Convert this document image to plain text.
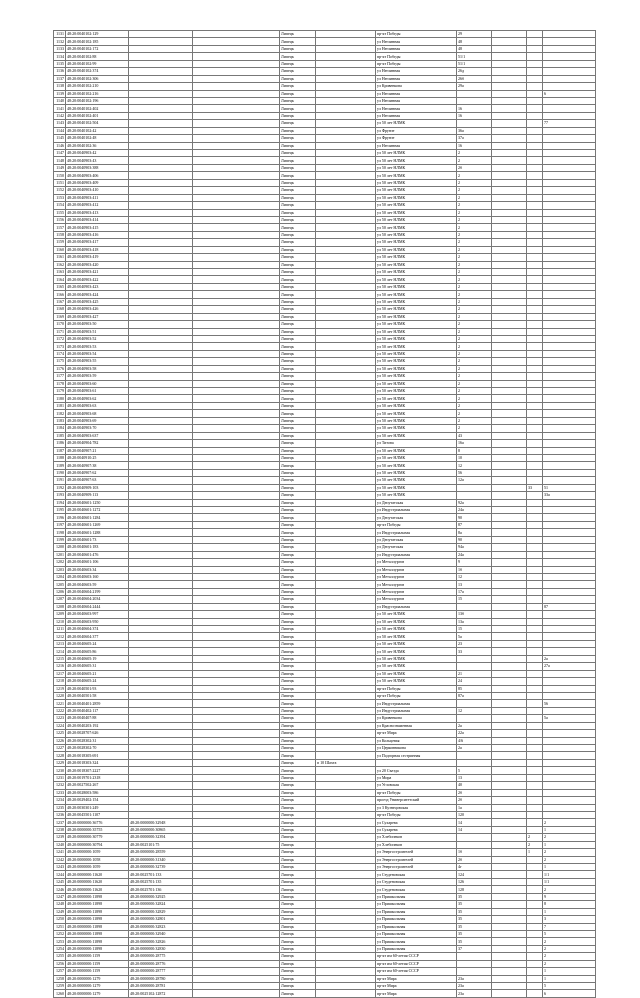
1131	48:20:0040102:129			Липецк		пр-кт Победы	29			
1132	48:20:0040102:185			Липецк		ул Неглинная	48			
1133	48:20:0040102:172			Липецк		ул Неглинная	48			
1134	48:20:0040102:88			Липецк		пр-кт Победы	51/1			
1135	48:20:0040102:99			Липецк		пр-кт Победы	51/1			
1136	48:20:0040102:374			Липецк		ул Неглинная	26д			
1137	48:20:0040102:306			Липецк		ул Неглинная	26б			
1138	48:20:0040102:210			Липецк		ул Кривенкова	29а			
1139	48:20:0040102:216			Липецк		ул Неглинная				6
1140	48:20:0040102:196			Липецк		ул Неглинная				
1141	48:20:0040102:402			Липецк		ул Неглинная	16			
1142	48:20:0040102:401			Липецк		ул Неглинная	16			
1143	48:20:0040102:504			Липецк		ул 50 лет НЛМК				77
1144	48:20:0040102:42			Липецк		ул Фрунзе	36а			
1145	48:20:0040102:48			Липецк		ул Фрунзе	37а			
1146	48:20:0040102:36			Липецк		ул Неглинная	16			
1147	48:20:0040903:42			Липецк		ул 50 лет НЛМК	2			
1148	48:20:0040903:43			Липецк		ул 50 лет НЛМК	2			
1149	48:20:0040903:388			Липецк		ул 50 лет НЛМК	2б			
1150	48:20:0040903:406			Липецк		ул 50 лет НЛМК	2			
1151	48:20:0040903:409			Липецк		ул 50 лет НЛМК	2			
1152	48:20:0040903:410			Липецк		ул 50 лет НЛМК	2			
1153	48:20:0040903:411			Липецк		ул 50 лет НЛМК	2			
1154	48:20:0040903:412			Липецк		ул 50 лет НЛМК	2			
1155	48:20:0040903:413			Липецк		ул 50 лет НЛМК	2			
1156	48:20:0040903:414			Липецк		ул 50 лет НЛМК	2			
1157	48:20:0040903:415			Липецк		ул 50 лет НЛМК	2			
1158	48:20:0040903:416			Липецк		ул 50 лет НЛМК	2			
1159	48:20:0040903:417			Липецк		ул 50 лет НЛМК	2			
1160	48:20:0040903:418			Липецк		ул 50 лет НЛМК	2			
1161	48:20:0040903:419			Липецк		ул 50 лет НЛМК	2			
1162	48:20:0040903:420			Липецк		ул 50 лет НЛМК	2			
1163	48:20:0040903:421			Липецк		ул 50 лет НЛМК	2			
1164	48:20:0040903:422			Липецк		ул 50 лет НЛМК	2			
1165	48:20:0040903:423			Липецк		ул 50 лет НЛМК	2			
1166	48:20:0040903:424			Липецк		ул 50 лет НЛМК	2			
1167	48:20:0040903:425			Липецк		ул 50 лет НЛМК	2			
1168	48:20:0040903:426			Липецк		ул 50 лет НЛМК	2			
1169	48:20:0040903:427			Липецк		ул 50 лет НЛМК	2			
1170	48:20:0040903:50			Липецк		ул 50 лет НЛМК	2			
1171	48:20:0040903:51			Липецк		ул 50 лет НЛМК	2			
1172	48:20:0040903:52			Липецк		ул 50 лет НЛМК	2			
1173	48:20:0040903:53			Липецк		ул 50 лет НЛМК	2			
1174	48:20:0040903:54			Липецк		ул 50 лет НЛМК	2			
1175	48:20:0040903:55			Липецк		ул 50 лет НЛМК	2			
1176	48:20:0040903:58			Липецк		ул 50 лет НЛМК	2			
1177	48:20:0040903:59			Липецк		ул 50 лет НЛМК	2			
1178	48:20:0040903:60			Липецк		ул 50 лет НЛМК	2			
1179	48:20:0040903:61			Липецк		ул 50 лет НЛМК	2			
1180	48:20:0040903:62			Липецк		ул 50 лет НЛМК	2			
1181	48:20:0040903:63			Липецк		ул 50 лет НЛМК	2			
1182	48:20:0040903:68			Липецк		ул 50 лет НЛМК	2			
1183	48:20:0040903:69			Липецк		ул 50 лет НЛМК	2			
1184	48:20:0040903:70			Липецк		ул 50 лет НЛМК	2			
1185	48:20:0040903:637			Липецк		ул 50 лет НЛМК	43			
1186	48:20:0040904:782			Липецк		ул Титова	16а			
1187	48:20:0040907:21			Липецк		ул 50 лет НЛМК	8			
1188	48:20:0040910:25			Липецк		ул 50 лет НЛМК	10			
1189	48:20:0040907:38			Липецк		ул 50 лет НЛМК	12			
1190	48:20:0040907:62			Липецк		ул 50 лет НЛМК	56			
1191	48:20:0040907:63			Липецк		ул 50 лет НЛМК	12а			
1192	48:20:0040909:103			Липецк		ул 50 лет НЛМК			33	51
1193	48:20:0040909:113			Липецк		ул 50 лет НЛМК				33а
1194	48:20:0040601:1250			Липецк		ул Депутатская	92а			
1195	48:20:0040601:1272			Липецк		ул Индустриальная	24а			
1196	48:20:0040601:1284			Липецк		ул Депутатская	90			
1197	48:20:0040601:1269			Липецк		пр-кт Победы	87			
1198	48:20:0040601:1288			Липецк		ул Индустриальная	8а			
1199	48:20:0040601:73			Липецк		ул Депутатская	90			
1200	48:20:0040601:183			Липецк		ул Депутатская	94а			
1201	48:20:0040601:476			Липецк		ул Индустриальная	24а			
1202	48:20:0040601:106			Липецк		ул Металлургов	9			
1203	48:20:0040603:34			Липецк		ул Металлургов	1б			
1204	48:20:0040603:160			Липецк		ул Металлургов	12			
1205	48:20:0040603:59			Липецк		ул Металлургов	13			
1206	48:20:0040604:2199			Липецк		ул Металлургов	17а			
1207	48:20:0040604:2034			Липецк		ул Металлургов	15			
1208	48:20:0040604:2444			Липецк		ул Индустриальная				87
1209	48:20:0040603:997			Липецк		ул 50 лет НЛМК	13б			
1210	48:20:0040603:950			Липецк		ул 50 лет НЛМК	13а			
1211	48:20:0040604:374			Липецк		ул 50 лет НЛМК	15			
1212	48:20:0040604:377			Липецк		ул 50 лет НЛМК	5а			
1213	48:20:0040605:24			Липецк		ул 50 лет НЛМК	23			
1214	48:20:0040605:86			Липецк		ул 50 лет НЛМК	33			
1215	48:20:0040605:19			Липецк		ул 50 лет НЛМК				2а
1216	48:20:0040605:31			Липецк		ул 50 лет НЛМК				27а
1217	48:20:0040605:21			Липецк		ул 50 лет НЛМК	21			
1218	48:20:0040605:24			Липецк		ул 50 лет НЛМК	24			
1219	48:20:0040501:93			Липецк		пр-кт Победы	85			
1220	48:20:0040501:58			Липецк		пр-кт Победы	87а			
1221	48:20:0040401:2859			Липецк		ул Индустриальная				56
1222	48:20:0040402:117			Липецк		ул Индустриальная	12			
1223	48:20:0040407:88			Липецк		ул Кривенкова				5а
1224	48:20:0040203:192			Липецк		ул Краснознаменная	2а			
1225	48:20:0028707:626			Липецк		пр-кт Мира	22а			
1226	48:20:0028302:31			Липецк		ул Кольцевая	4/6			
1227	48:20:0028302:70			Липецк		ул Церковникова	2а			
1228	48:20:0018305:691			Липецк		ул Подгорная сестринная				
1229	48:20:0018303:324			Липецк	п 10 Шахта					
1230	48:20:0018307:2227			Липецк		ул 20 Съезда	5			
1231	48:20:0019701:2318			Липецк		ул Мира	13			
1232	48:20:0027502:267			Липецк		ул Угловская	40			
1233	48:20:0028003:586			Липецк		пр-кт Победы	2б			
1234	48:20:0029402:154			Липецк		проезд Университетский	2б			
1235	48:20:0030301:249			Липецк		ул 3 Кузнецовская	1а			
1236	48:20:0045501:1107			Липецк		пр-кт Победы	120			
1237	48:20:0000000:36776	48:20:0000000:32948		Липецк		ул Сухарева	14			2
1238	48:20:0000000:35755	48:20:0000000:30865		Липецк		ул Сухарева	14			1
1239	48:20:0000000:30779	48:20:0000000:32394		Липецк		ул Хлебопеков			2	2
1240	48:20:0000000:30794	48:20:0025101:75		Липецк		ул Хлебопеков			2	1
1241	48:20:0000000:1059	48:20:0000000:28559		Липецк		ул Энергостроителей	1б		1	2
1242	48:20:0000000:1058	48:20:0000000:31340		Липецк		ул Энергостроителей	2б			2
1243	48:20:0000000:1059	48:20:0000000:32739		Липецк		ул Энергостроителей	4г			1
1244	48:20:0000000:11620	48:20:0025701:133		Липецк		ул Студеновская	124			1/1
1245	48:20:0000000:11620	48:20:0025701:135		Липецк		ул Студеновская	126			1/1
1246	48:20:0000000:11620	48:20:0025701:136		Липецк		ул Студеновская	128			2
1247	48:20:0000000:11898	48:20:0000000:32925		Липецк		ул Пришкольная	35			9
1248	48:20:0000000:11898	48:20:0000000:32824		Липецк		ул Пришкольная	35			8
1249	48:20:0000000:11898	48:20:0000000:32829		Липецк		ул Пришкольная	35			1
1250	48:20:0000000:11898	48:20:0000000:32801		Липецк		ул Пришкольная	35			3
1251	48:20:0000000:11898	48:20:0000000:32823		Липецк		ул Пришкольная	35			7
1252	48:20:0000000:11898	48:20:0000000:32940		Липецк		ул Пришкольная	35			5
1253	48:20:0000000:11898	48:20:0000000:32826		Липецк		ул Пришкольная	35			2
1254	48:20:0000000:11898	48:20:0000000:32830		Липецк		ул Пришкольная	37			2
1255	48:20:0000000:1159	48:20:0000000:28775		Липецк		пр-кт им 60-летия СССР				2
1256	48:20:0000000:1159	48:20:0000000:28776		Липецк		пр-кт им 60-летия СССР				2
1257	48:20:0000000:1159	48:20:0000000:28777		Липецк		пр-кт им 60-летия СССР				1
1258	48:20:0000000:1279	48:20:0000000:28780		Липецк		пр-кт Мира	23а			1
1259	48:20:0000000:1279	48:20:0000000:28781		Липецк		пр-кт Мира	23а			5
1260	48:20:0000000:1279	48:20:0025102:12872		Липецк		пр-кт Мира	23а			6
